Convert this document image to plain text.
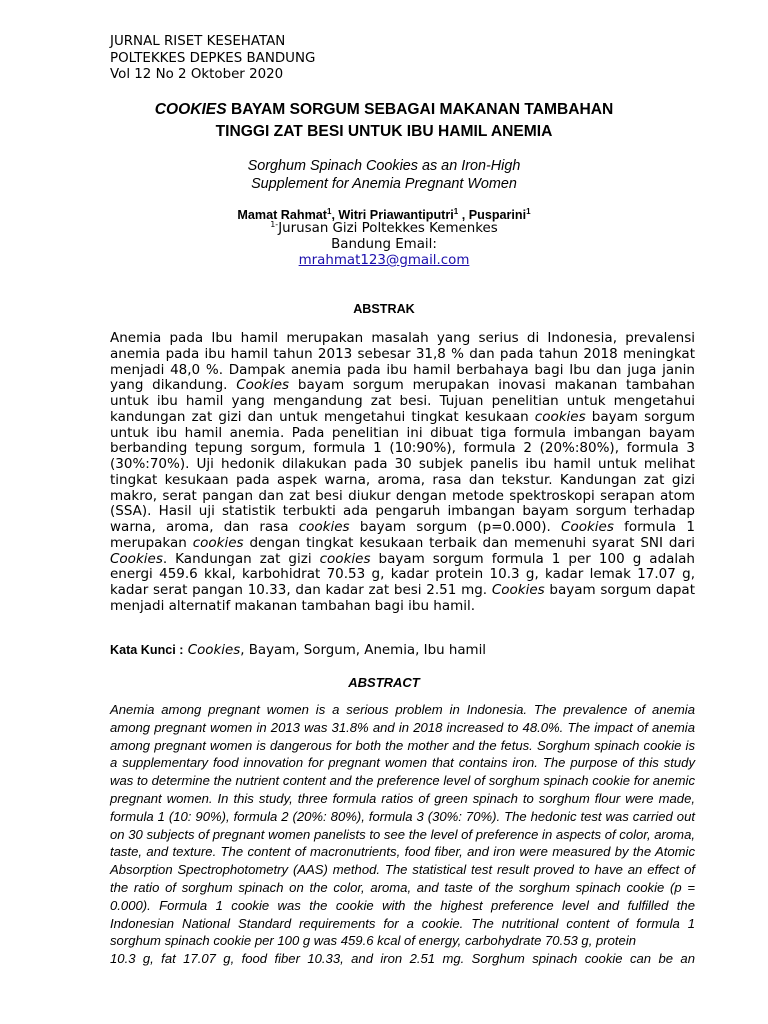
JURNAL RISET KESEHATAN
POLTEKKES DEPKES BANDUNG
Vol 12 No 2 Oktober 2020
COOKIES BAYAM SORGUM SEBAGAI MAKANAN TAMBAHAN
TINGGI ZAT BESI UNTUK IBU HAMIL ANEMIA
Sorghum Spinach Cookies as an Iron-High
Supplement for Anemia Pregnant Women
Mamat Rahmat$^1$, Witri Priawantiputri$^1$ , Pusparini$^1$
$^{1-}$Jurusan Gizi Poltekkes Kemenkes
Bandung Email:
mrahmat123@gmail.com
ABSTRAK
Anemia pada Ibu hamil merupakan masalah yang serius di Indonesia, prevalensi anemia pada ibu hamil tahun 2013 sebesar 31,8 % dan pada tahun 2018 meningkat menjadi 48,0 %. Dampak anemia pada ibu hamil berbahaya bagi Ibu dan juga janin yang dikandung. Cookies bayam sorgum merupakan inovasi makanan tambahan untuk ibu hamil yang mengandung zat besi. Tujuan penelitian untuk mengetahui kandungan zat gizi dan untuk mengetahui tingkat kesukaan cookies bayam sorgum untuk ibu hamil anemia. Pada penelitian ini dibuat tiga formula imbangan bayam berbanding tepung sorgum, formula 1 (10:90%), formula 2 (20%:80%), formula 3 (30%:70%). Uji hedonik dilakukan pada 30 subjek panelis ibu hamil untuk melihat tingkat kesukaan pada aspek warna, aroma, rasa dan tekstur. Kandungan zat gizi makro, serat pangan dan zat besi diukur dengan metode spektroskopi serapan atom (SSA). Hasil uji statistik terbukti ada pengaruh imbangan bayam sorgum terhadap warna, aroma, dan rasa cookies bayam sorgum (p=0.000). Cookies formula 1 merupakan cookies dengan tingkat kesukaan terbaik dan memenuhi syarat SNI dari Cookies. Kandungan zat gizi cookies bayam sorgum formula 1 per 100 g adalah energi 459.6 kkal, karbohidrat 70.53 g, kadar protein 10.3 g, kadar lemak 17.07 g, kadar serat pangan 10.33, dan kadar zat besi 2.51 mg. Cookies bayam sorgum dapat menjadi alternatif makanan tambahan bagi ibu hamil.
Kata Kunci : Cookies, Bayam, Sorgum, Anemia, Ibu hamil
ABSTRACT

Anemia among pregnant women is a serious problem in Indonesia. The prevalence of anemia among pregnant women in 2013 was 31.8% and in 2018 increased to 48.0%. The impact of anemia among pregnant women is dangerous for both the mother and the fetus. Sorghum spinach cookie is a supplementary food innovation for pregnant women that contains iron. The purpose of this study was to determine the nutrient content and the preference level of sorghum spinach cookie for anemic pregnant women. In this study, three formula ratios of green spinach to sorghum flour were made, formula 1 (10: 90%), formula 2 (20%: 80%), formula 3 (30%: 70%). The hedonic test was carried out on 30 subjects of pregnant women panelists to see the level of preference in aspects of color, aroma, taste, and texture. The content of macronutrients, food fiber, and iron were measured by the Atomic Absorption Spectrophotometry (AAS) method. The statistical test result proved to have an effect of the ratio of sorghum spinach on the color, aroma, and taste of the sorghum spinach cookie (p = 0.000). Formula 1 cookie was the cookie with the highest preference level and fulfilled the Indonesian National Standard requirements for a cookie. The nutritional content of formula 1 sorghum spinach cookie per 100 g was 459.6 kcal of energy, carbohydrate 70.53 g, protein

10.3 g, fat 17.07 g, food fiber 10.33, and iron 2.51 mg. Sorghum spinach cookie can be an
